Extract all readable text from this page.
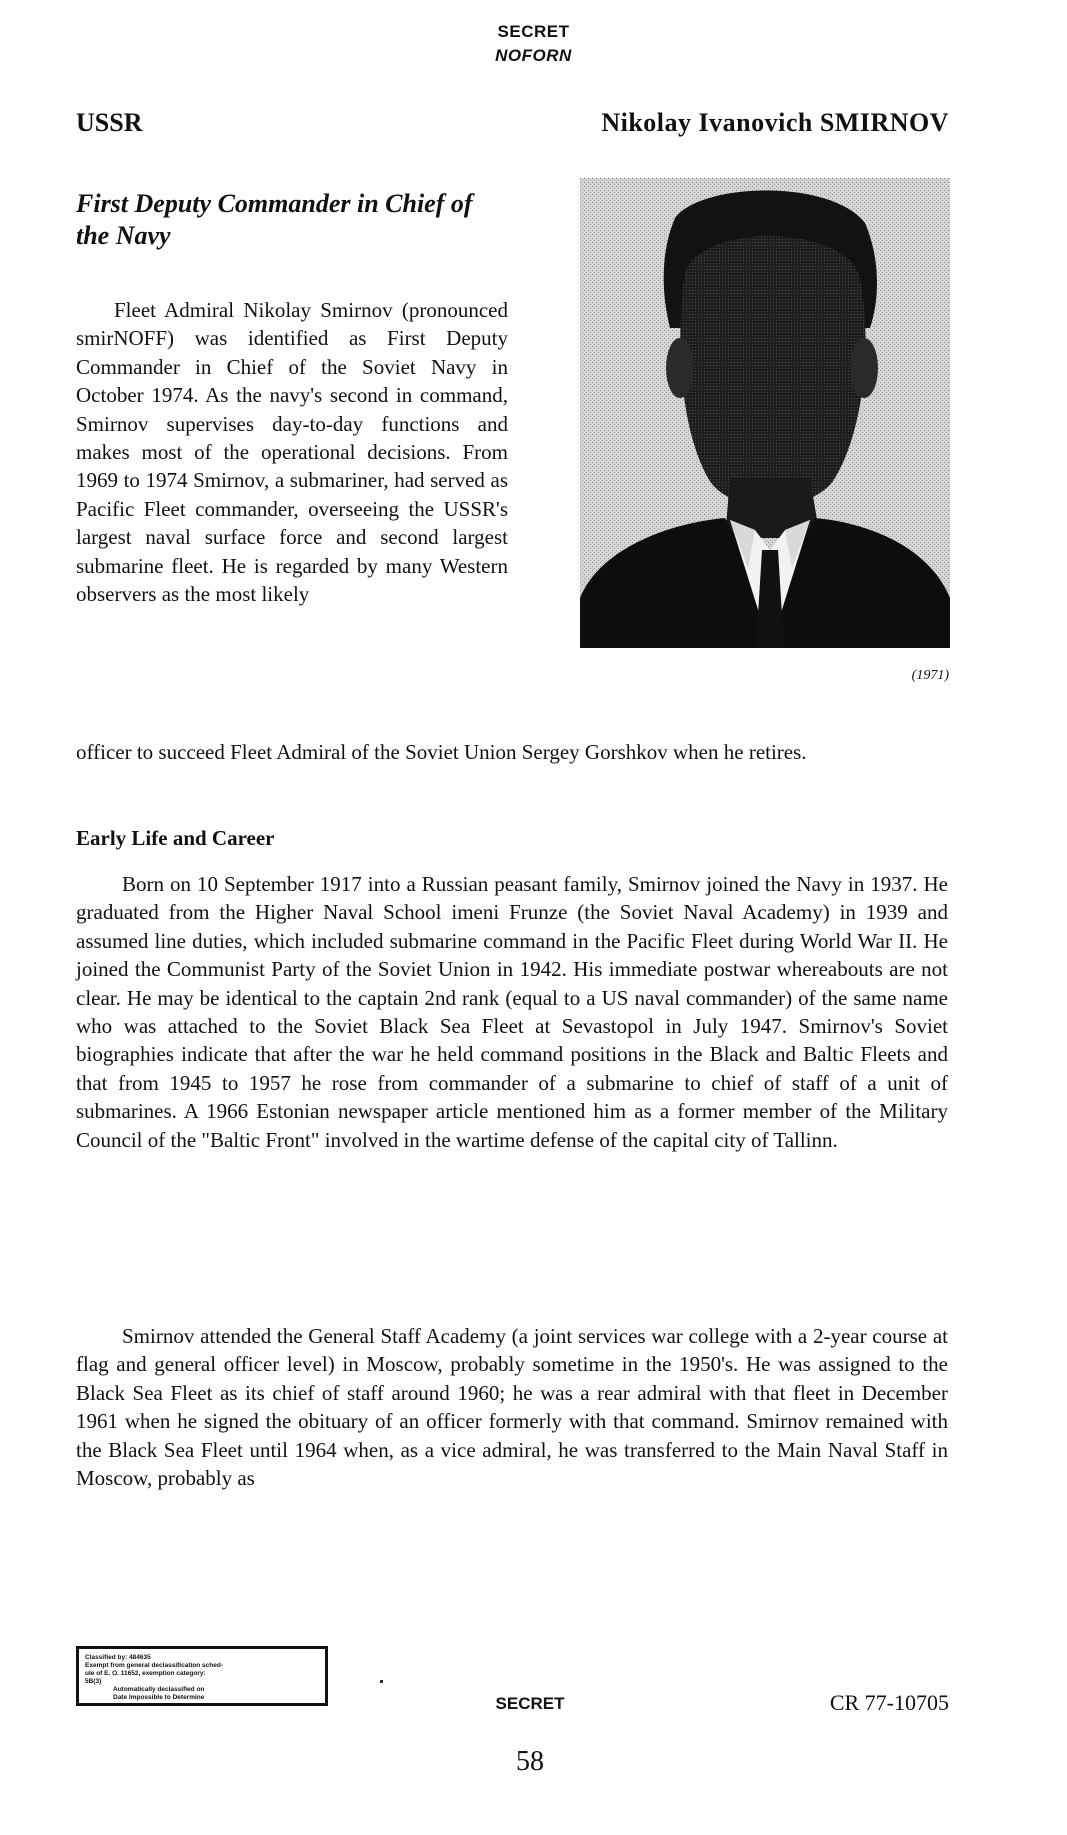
SECRET
NOFORN
USSR	Nikolay Ivanovich SMIRNOV
First Deputy Commander in Chief of the Navy
(1971)
Fleet Admiral Nikolay Smirnov (pronounced smirNOFF) was identified as First Deputy Commander in Chief of the Soviet Navy in October 1974. As the navy's second in command, Smirnov supervises day-to-day functions and makes most of the operational decisions. From 1969 to 1974 Smirnov, a submariner, had served as Pacific Fleet commander, overseeing the USSR's largest naval surface force and second largest submarine fleet. He is regarded by many Western observers as the most likely
officer to succeed Fleet Admiral of the Soviet Union Sergey Gorshkov when he retires.
Early Life and Career
Born on 10 September 1917 into a Russian peasant family, Smirnov joined the Navy in 1937. He graduated from the Higher Naval School imeni Frunze (the Soviet Naval Academy) in 1939 and assumed line duties, which included submarine command in the Pacific Fleet during World War II. He joined the Communist Party of the Soviet Union in 1942. His immediate postwar whereabouts are not clear. He may be identical to the captain 2nd rank (equal to a US naval commander) of the same name who was attached to the Soviet Black Sea Fleet at Sevastopol in July 1947. Smirnov's Soviet biographies indicate that after the war he held command positions in the Black and Baltic Fleets and that from 1945 to 1957 he rose from commander of a submarine to chief of staff of a unit of submarines. A 1966 Estonian newspaper article mentioned him as a former member of the Military Council of the "Baltic Front" involved in the wartime defense of the capital city of Tallinn.
Smirnov attended the General Staff Academy (a joint services war college with a 2-year course at flag and general officer level) in Moscow, probably sometime in the 1950's. He was assigned to the Black Sea Fleet as its chief of staff around 1960; he was a rear admiral with that fleet in December 1961 when he signed the obituary of an officer formerly with that command. Smirnov remained with the Black Sea Fleet until 1964 when, as a vice admiral, he was transferred to the Main Naval Staff in Moscow, probably as
Classified by: 484635
Exempt from general declassification sched-
ule of E. O. 11652, exemption category:
5B(3)
Automatically declassified on
Date Impossible to Determine	SECRET	CR 77-10705
58
